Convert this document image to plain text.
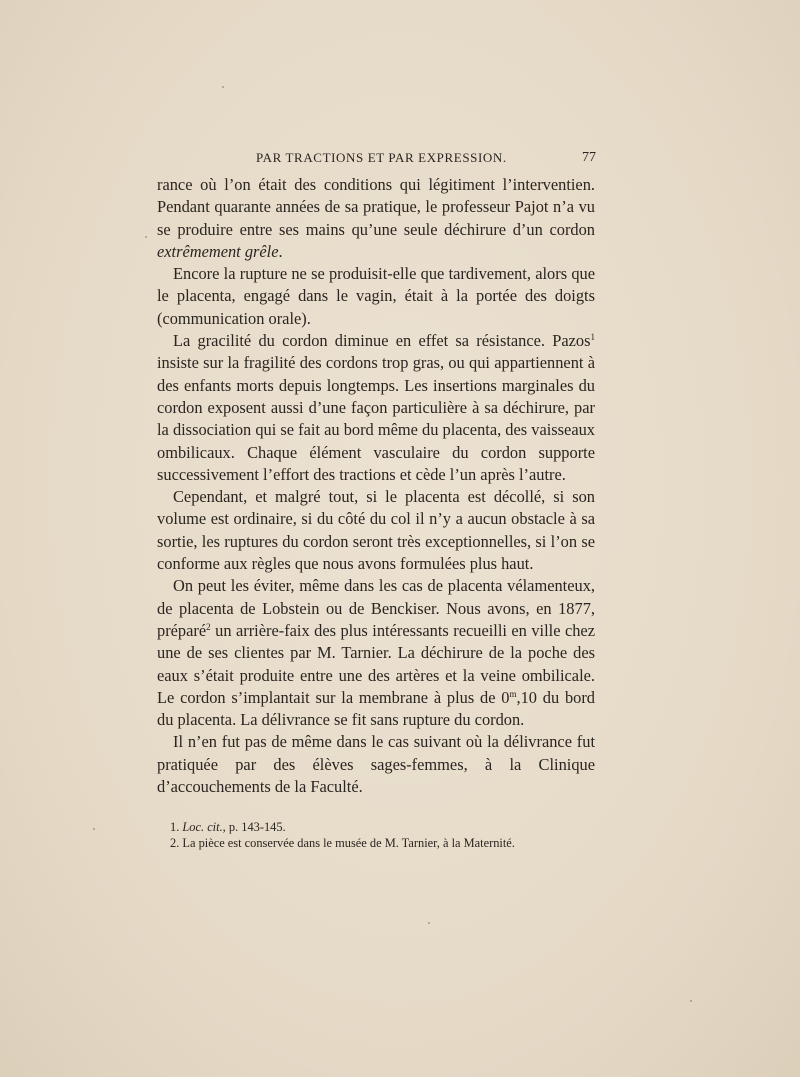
PAR TRACTIONS ET PAR EXPRESSION.	77

rance où l’on était des conditions qui légitiment l’interventien. Pendant quarante années de sa pratique, le professeur Pajot n’a vu se produire entre ses mains qu’une seule déchirure d’un cordon extrêmement grêle.

Encore la rupture ne se produisit-elle que tardivement, alors que le placenta, engagé dans le vagin, était à la portée des doigts (communication orale).

La gracilité du cordon diminue en effet sa résistance. Pazos$^1$ insiste sur la fragilité des cordons trop gras, ou qui appartiennent à des enfants morts depuis longtemps. Les insertions marginales du cordon exposent aussi d’une façon particulière à sa déchirure, par la dissociation qui se fait au bord même du placenta, des vaisseaux ombilicaux. Chaque élément vasculaire du cordon supporte successivement l’effort des tractions et cède l’un après l’autre.

Cependant, et malgré tout, si le placenta est décollé, si son volume est ordinaire, si du côté du col il n’y a aucun obstacle à sa sortie, les ruptures du cordon seront très exceptionnelles, si l’on se conforme aux règles que nous avons formulées plus haut.

On peut les éviter, même dans les cas de placenta vélamenteux, de placenta de Lobstein ou de Benckiser. Nous avons, en 1877, préparé$^2$ un arrière-faix des plus intéressants recueilli en ville chez une de ses clientes par M. Tarnier. La déchirure de la poche des eaux s’était produite entre une des artères et la veine ombilicale. Le cordon s’implantait sur la membrane à plus de 0$^m$,10 du bord du placenta. La délivrance se fit sans rupture du cordon.

Il n’en fut pas de même dans le cas suivant où la délivrance fut pratiquée par des élèves sages-femmes, à la Clinique d’accouchements de la Faculté.

1. Loc. cit., p. 143-145.
2. La pièce est conservée dans le musée de M. Tarnier, à la Maternité.
